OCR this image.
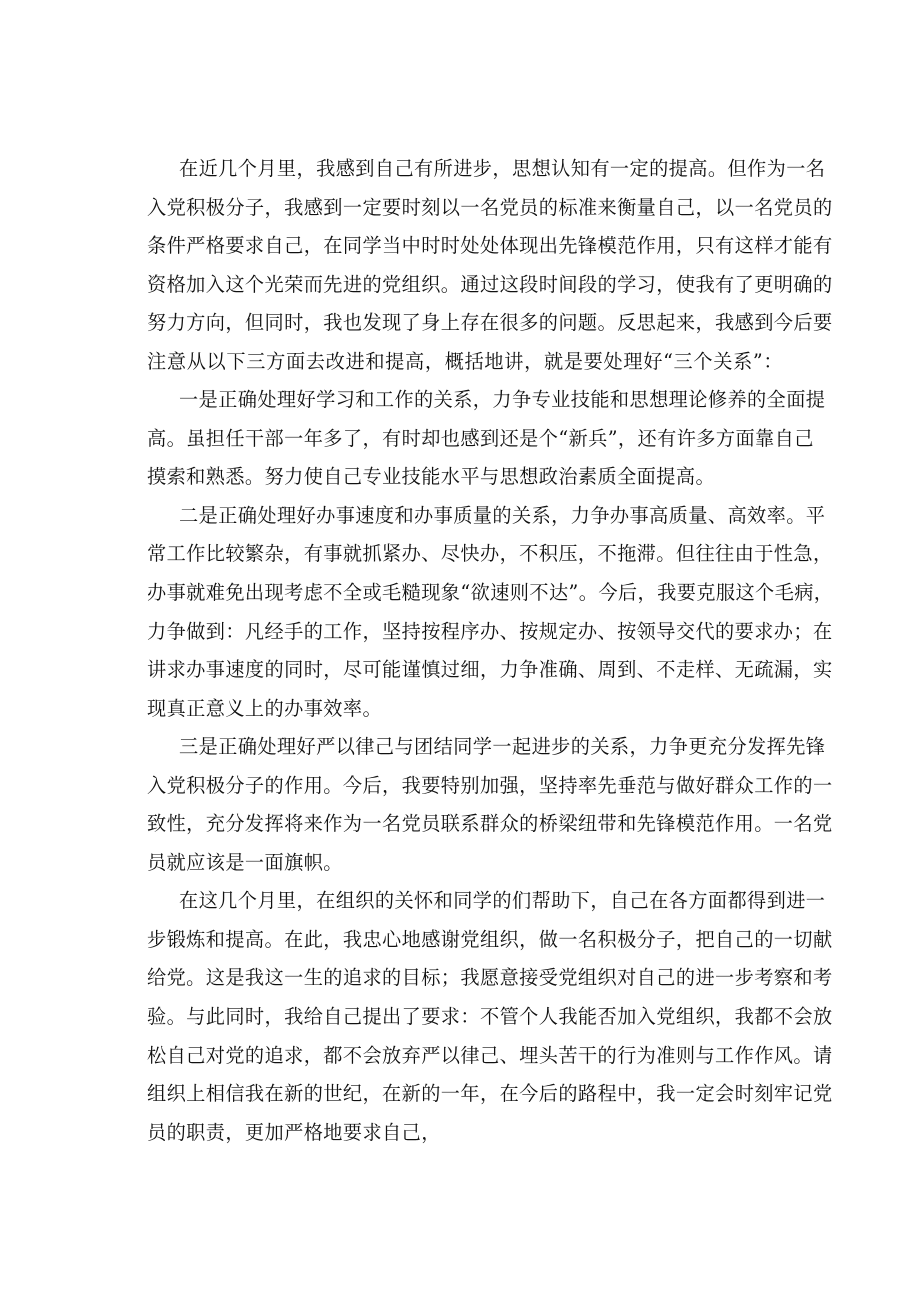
在近几个月里，我感到自己有所进步，思想认知有一定的提高。但作为一名
入党积极分子，我感到一定要时刻以一名党员的标准来衡量自己，以一名党员的
条件严格要求自己，在同学当中时时处处体现出先锋模范作用，只有这样才能有
资格加入这个光荣而先进的党组织。通过这段时间段的学习，使我有了更明确的
努力方向，但同时，我也发现了身上存在很多的问题。反思起来，我感到今后要
注意从以下三方面去改进和提高，概括地讲，就是要处理好“三个关系”：
一是正确处理好学习和工作的关系，力争专业技能和思想理论修养的全面提
高。虽担任干部一年多了，有时却也感到还是个“新兵”，还有许多方面靠自己
摸索和熟悉。努力使自己专业技能水平与思想政治素质全面提高。
二是正确处理好办事速度和办事质量的关系，力争办事高质量、高效率。平
常工作比较繁杂，有事就抓紧办、尽快办，不积压，不拖滞。但往往由于性急，
办事就难免出现考虑不全或毛糙现象“欲速则不达”。今后，我要克服这个毛病，
力争做到：凡经手的工作，坚持按程序办、按规定办、按领导交代的要求办；在
讲求办事速度的同时，尽可能谨慎过细，力争准确、周到、不走样、无疏漏，实
现真正意义上的办事效率。
三是正确处理好严以律己与团结同学一起进步的关系，力争更充分发挥先锋
入党积极分子的作用。今后，我要特别加强，坚持率先垂范与做好群众工作的一
致性，充分发挥将来作为一名党员联系群众的桥梁纽带和先锋模范作用。一名党
员就应该是一面旗帜。
在这几个月里，在组织的关怀和同学的们帮助下，自己在各方面都得到进一
步锻炼和提高。在此，我忠心地感谢党组织，做一名积极分子，把自己的一切献
给党。这是我这一生的追求的目标；我愿意接受党组织对自己的进一步考察和考
验。与此同时，我给自己提出了要求：不管个人我能否加入党组织，我都不会放
松自己对党的追求，都不会放弃严以律己、埋头苦干的行为准则与工作作风。请
组织上相信我在新的世纪，在新的一年，在今后的路程中，我一定会时刻牢记党
员的职责，更加严格地要求自己，
